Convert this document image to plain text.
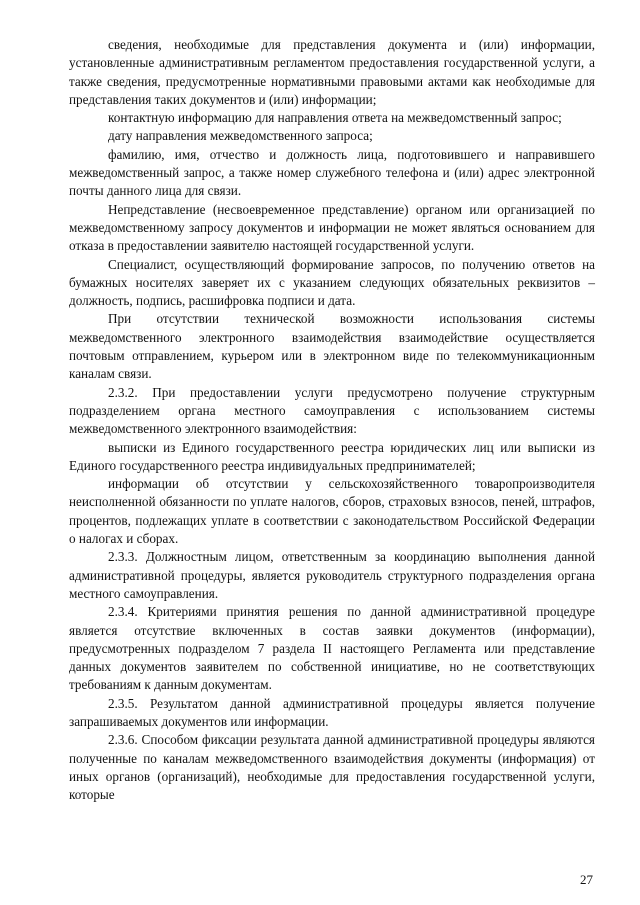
сведения, необходимые для представления документа и (или) информации, установленные административным регламентом предоставления государственной услуги, а также сведения, предусмотренные нормативными правовыми актами как необходимые для представления таких документов и (или) информации;

контактную информацию для направления ответа на межведомственный запрос;

дату направления межведомственного запроса;

фамилию, имя, отчество и должность лица, подготовившего и направившего межведомственный запрос, а также номер служебного телефона и (или) адрес электронной почты данного лица для связи.

Непредставление (несвоевременное представление) органом или организацией по межведомственному запросу документов и информации не может являться основанием для отказа в предоставлении заявителю настоящей государственной услуги.

Специалист, осуществляющий формирование запросов, по получению ответов на бумажных носителях заверяет их с указанием следующих обязательных реквизитов – должность, подпись, расшифровка подписи и дата.

При отсутствии технической возможности использования системы межведомственного электронного взаимодействия взаимодействие осуществляется почтовым отправлением, курьером или в электронном виде по телекоммуникационным каналам связи.

2.3.2. При предоставлении услуги предусмотрено получение структурным подразделением органа местного самоуправления с использованием системы межведомственного электронного взаимодействия:

выписки из Единого государственного реестра юридических лиц или выписки из Единого государственного реестра индивидуальных предпринимателей;

информации об отсутствии у сельскохозяйственного товаропроизводителя неисполненной обязанности по уплате налогов, сборов, страховых взносов, пеней, штрафов, процентов, подлежащих уплате в соответствии с законодательством Российской Федерации о налогах и сборах.

2.3.3. Должностным лицом, ответственным за координацию выполнения данной административной процедуры, является руководитель структурного подразделения органа местного самоуправления.

2.3.4. Критериями принятия решения по данной административной процедуре является отсутствие включенных в состав заявки документов (информации), предусмотренных подразделом 7 раздела II настоящего Регламента или представление данных документов заявителем по собственной инициативе, но не соответствующих требованиям к данным документам.

2.3.5. Результатом данной административной процедуры является получение запрашиваемых документов или информации.

2.3.6. Способом фиксации результата данной административной процедуры являются полученные по каналам межведомственного взаимодействия документы (информация) от иных органов (организаций), необходимые для предоставления государственной услуги, которые

27
